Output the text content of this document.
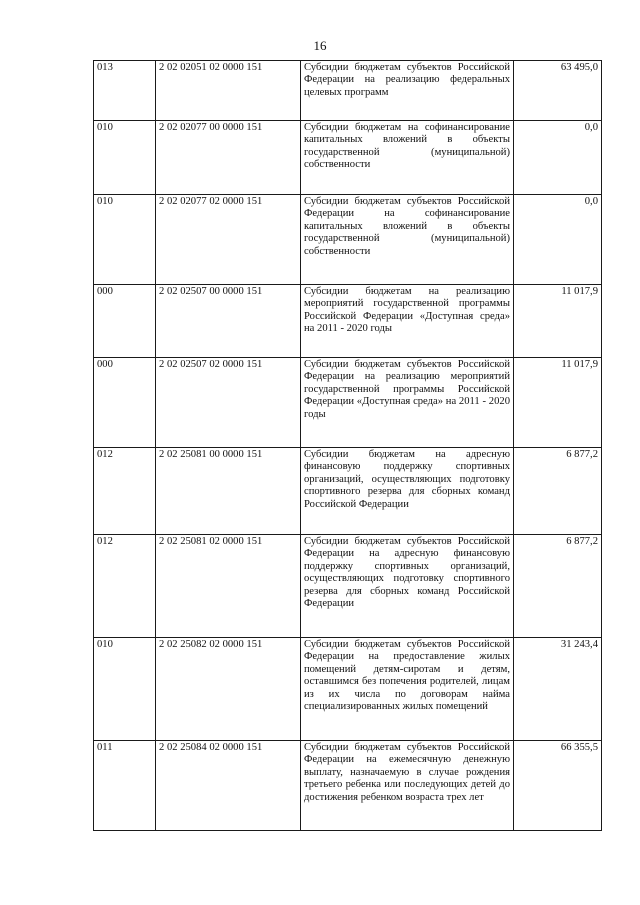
16
013	2 02 02051 02 0000 151	Субсидии бюджетам субъектов Российской Федерации на реализацию федеральных целевых программ	63 495,0
010	2 02 02077 00 0000 151	Субсидии бюджетам на софинансирование капитальных вложений в объекты государственной (муниципальной) собственности	0,0
010	2 02 02077 02 0000 151	Субсидии бюджетам субъектов Российской Федерации на софинансирование капитальных вложений в объекты государственной (муниципальной) собственности	0,0
000	2 02 02507 00 0000 151	Субсидии бюджетам на реализацию мероприятий государственной программы Российской Федерации «Доступная среда» на 2011 - 2020 годы	11 017,9
000	2 02 02507 02 0000 151	Субсидии бюджетам субъектов Российской Федерации на реализацию мероприятий государственной программы Российской Федерации «Доступная среда» на 2011 - 2020 годы	11 017,9
012	2 02 25081 00 0000 151	Субсидии бюджетам на адресную финансовую поддержку спортивных организаций, осуществляющих подготовку спортивного резерва для сборных команд Российской Федерации	6 877,2
012	2 02 25081 02 0000 151	Субсидии бюджетам субъектов Российской Федерации на адресную финансовую поддержку спортивных организаций, осуществляющих подготовку спортивного резерва для сборных команд Российской Федерации	6 877,2
010	2 02 25082 02 0000 151	Субсидии бюджетам субъектов Российской Федерации на предоставление жилых помещений детям-сиротам и детям, оставшимся без попечения родителей, лицам из их числа по договорам найма специализированных жилых помещений	31 243,4
011	2 02 25084 02 0000 151	Субсидии бюджетам субъектов Российской Федерации на ежемесячную денежную выплату, назначаемую в случае рождения третьего ребенка или последующих детей до достижения ребенком возраста трех лет	66 355,5
